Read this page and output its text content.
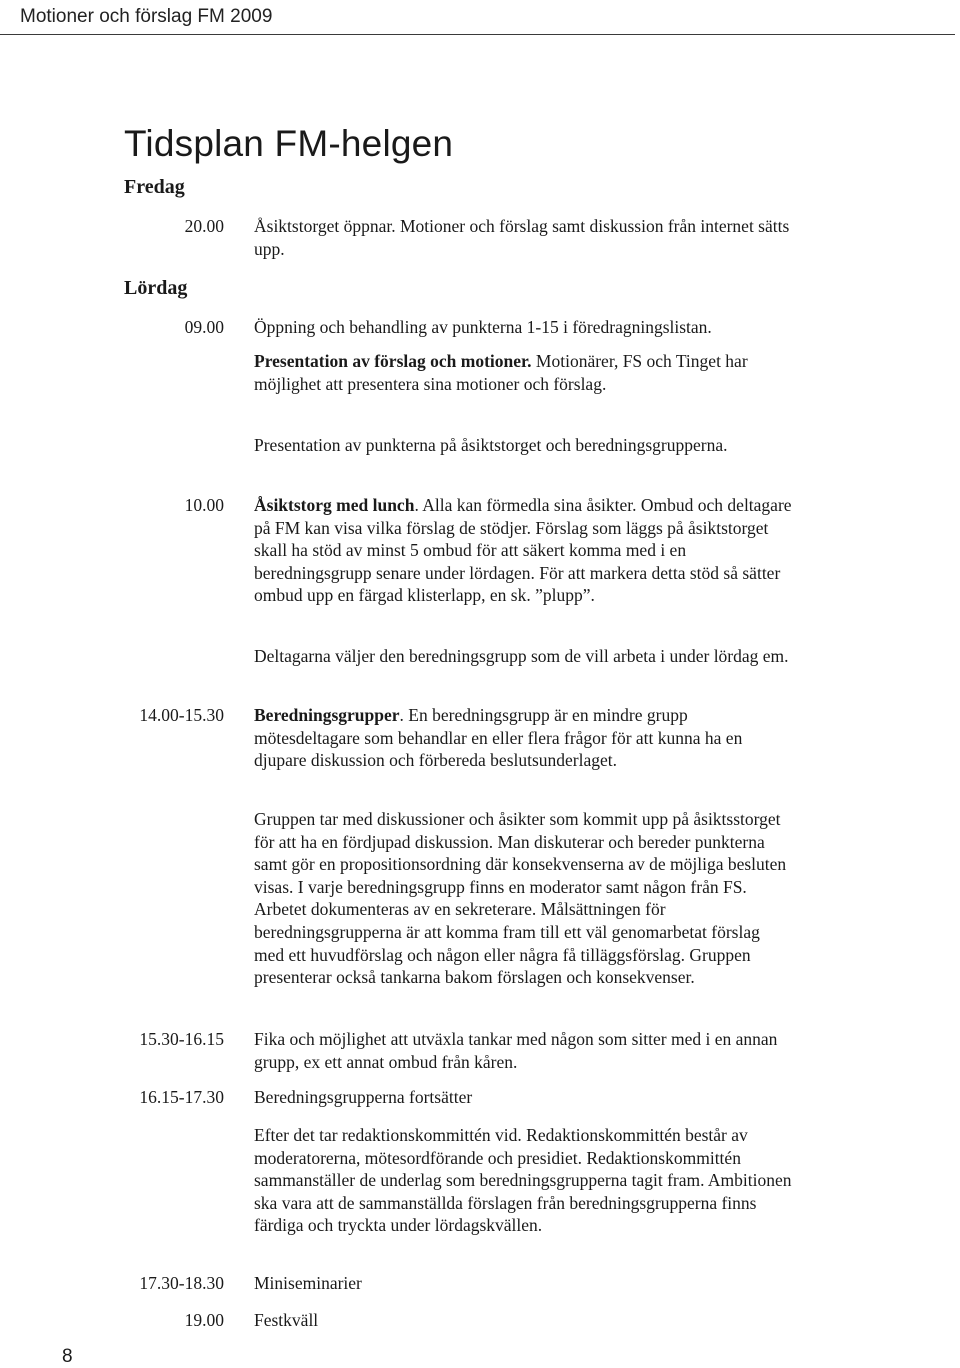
Motioner och förslag FM 2009
Tidsplan FM-helgen
Fredag
20.00 Åsiktstorget öppnar. Motioner och förslag samt diskussion från internet sätts upp.

Lördag
09.00 Öppning och behandling av punkterna 1-15 i föredragningslistan.

Presentation av förslag och motioner. Motionärer, FS och Tinget har möjlighet att presentera sina motioner och förslag.

Presentation av punkterna på åsiktstorget och beredningsgrupperna.

10.00 Åsiktstorg med lunch. Alla kan förmedla sina åsikter. Ombud och deltagare på FM kan visa vilka förslag de stödjer. Förslag som läggs på åsiktstorget skall ha stöd av minst 5 ombud för att säkert komma med i en beredningsgrupp senare under lördagen. För att markera detta stöd så sätter ombud upp en färgad klisterlapp, en sk. ”plupp”.

Deltagarna väljer den beredningsgrupp som de vill arbeta i under lördag em.

14.00-15.30 Beredningsgrupper. En beredningsgrupp är en mindre grupp mötesdeltagare som behandlar en eller flera frågor för att kunna ha en djupare diskussion och förbereda beslutsunderlaget.

Gruppen tar med diskussioner och åsikter som kommit upp på åsiktsstorget för att ha en fördjupad diskussion. Man diskuterar och bereder punkterna samt gör en propositionsordning där konsekvenserna av de möjliga besluten visas. I varje beredningsgrupp finns en moderator samt någon från FS. Arbetet dokumenteras av en sekreterare. Målsättningen för beredningsgrupperna är att komma fram till ett väl genomarbetat förslag med ett huvudförslag och någon eller några få tilläggsförslag. Gruppen presenterar också tankarna bakom förslagen och konsekvenser.

15.30-16.15 Fika och möjlighet att utväxla tankar med någon som sitter med i en annan grupp, ex ett annat ombud från kåren.

16.15-17.30 Beredningsgrupperna fortsätter

Efter det tar redaktionskommittén vid. Redaktionskommittén består av moderatorerna, mötesordförande och presidiet. Redaktionskommittén sammanställer de underlag som beredningsgrupperna tagit fram. Ambitionen ska vara att de sammanställda förslagen från beredningsgrupperna finns färdiga och tryckta under lördagskvällen.

17.30-18.30 Miniseminarier

19.00 Festkväll

8
